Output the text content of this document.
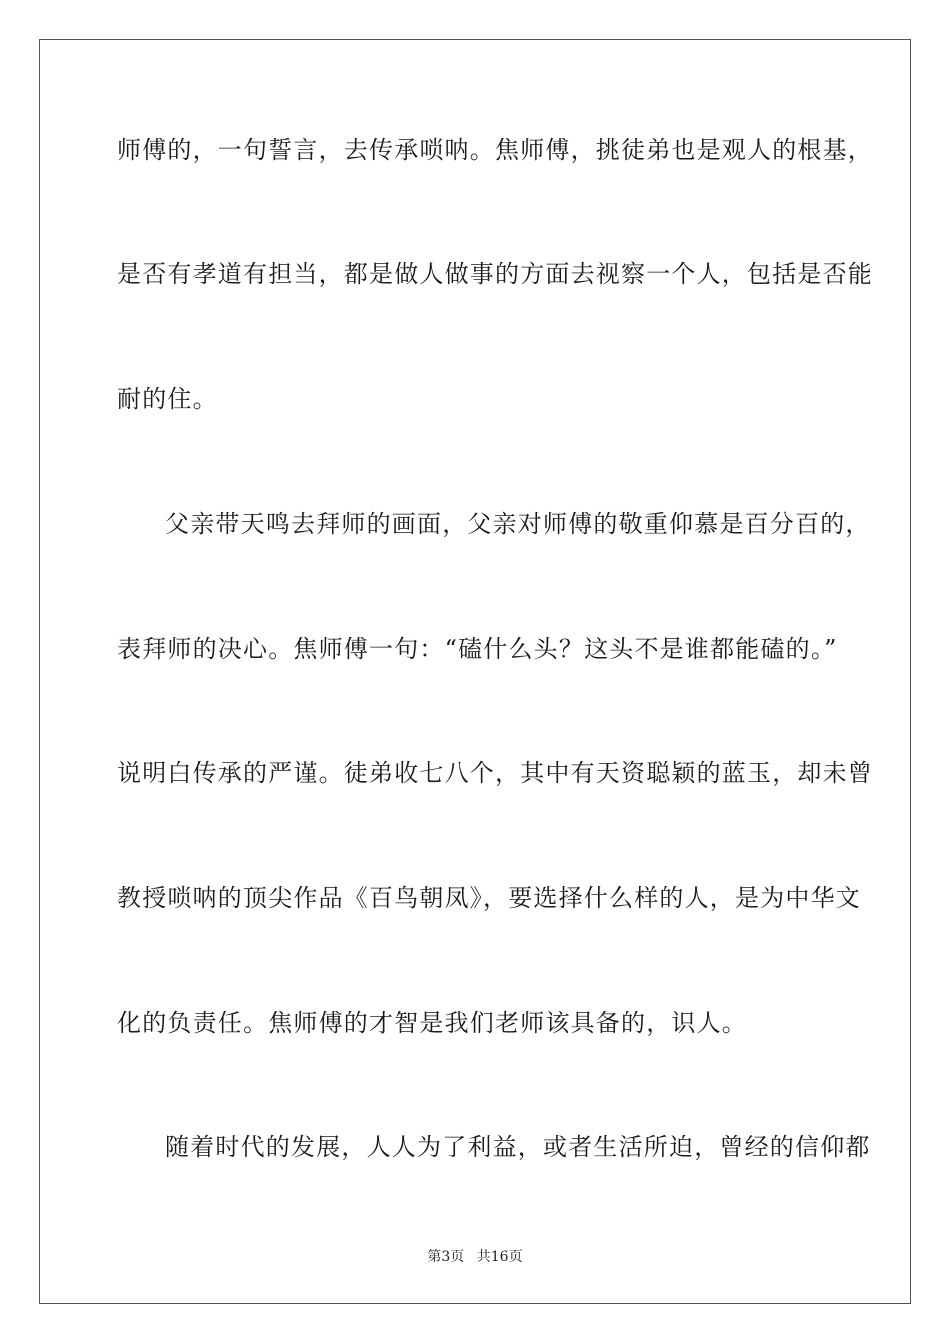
师傅的，一句誓言，去传承唢呐。焦师傅，挑徒弟也是观人的根基，
是否有孝道有担当，都是做人做事的方面去视察一个人，包括是否能
耐的住。
父亲带天鸣去拜师的画面，父亲对师傅的敬重仰慕是百分百的，
表拜师的决心。焦师傅一句：“磕什么头？这头不是谁都能磕的。”
说明白传承的严谨。徒弟收七八个，其中有天资聪颖的蓝玉，却未曾
教授唢呐的顶尖作品《百鸟朝凤》，要选择什么样的人，是为中华文
化的负责任。焦师傅的才智是我们老师该具备的，识人。
随着时代的发展，人人为了利益，或者生活所迫，曾经的信仰都
第3页 共16页
